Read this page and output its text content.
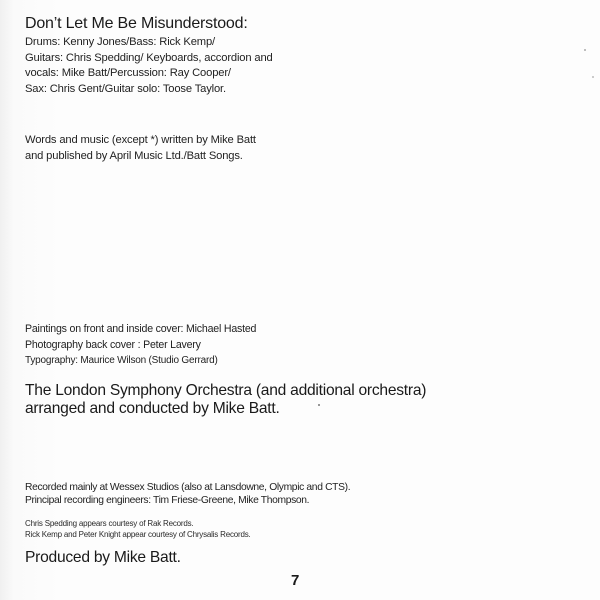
Don’t Let Me Be Misunderstood:
Drums: Kenny Jones/Bass: Rick Kemp/
Guitars: Chris Spedding/ Keyboards, accordion and
vocals: Mike Batt/Percussion: Ray Cooper/
Sax: Chris Gent/Guitar solo: Toose Taylor.
Words and music (except *) written by Mike Batt
and published by April Music Ltd./Batt Songs.
Paintings on front and inside cover: Michael Hasted
Photography back cover : Peter Lavery
Typography: Maurice Wilson (Studio Gerrard)
The London Symphony Orchestra (and additional orchestra)
arranged and conducted by Mike Batt.
Recorded mainly at Wessex Studios (also at Lansdowne, Olympic and CTS).
Principal recording engineers: Tim Friese-Greene, Mike Thompson.
Chris Spedding appears courtesy of Rak Records.
Rick Kemp and Peter Knight appear courtesy of Chrysalis Records.
Produced by Mike Batt.
7
